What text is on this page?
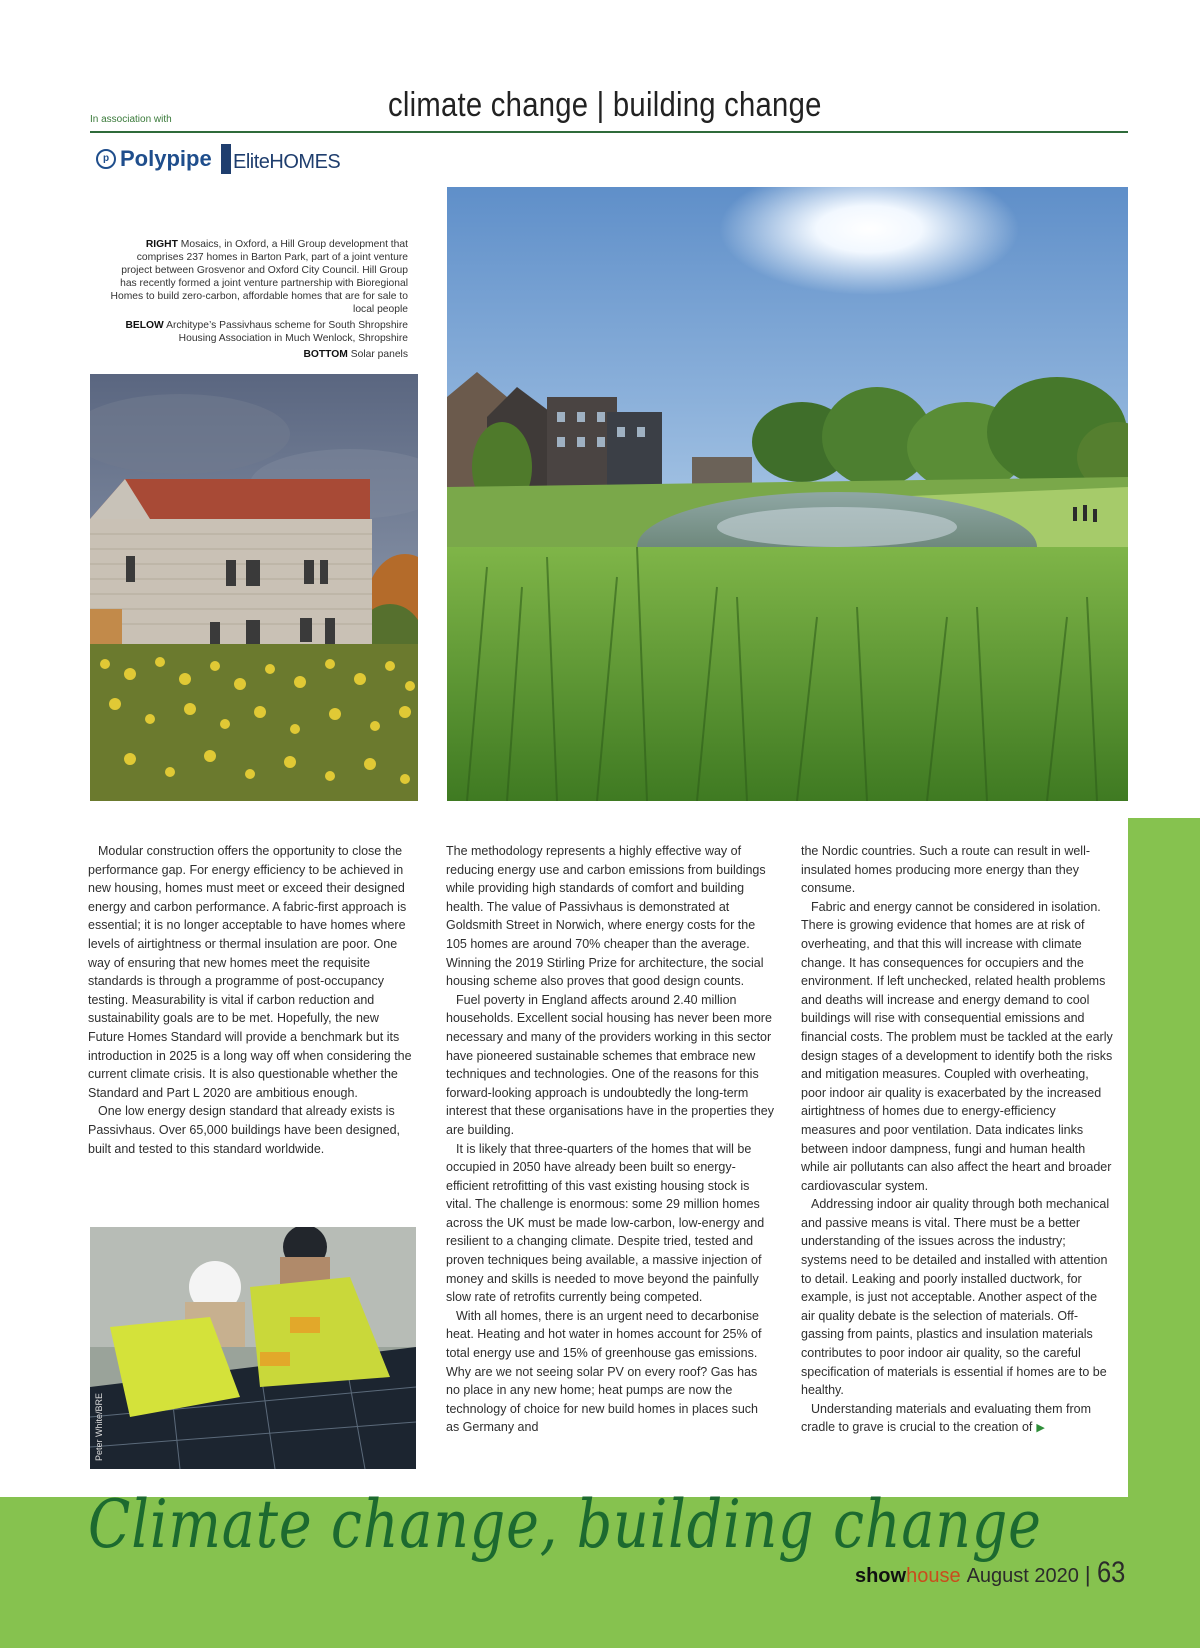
In association with	climate change | building change
p Polypipe EliteHOMES

RIGHT Mosaics, in Oxford, a Hill Group development that comprises 237 homes in Barton Park, part of a joint venture project between Grosvenor and Oxford City Council. Hill Group has recently formed a joint venture partnership with Bioregional Homes to build zero-carbon, affordable homes that are for sale to local people

BELOW Architype’s Passivhaus scheme for South Shropshire Housing Association in Much Wenlock, Shropshire

BOTTOM Solar panels

Peter White/BRE

Modular construction offers the opportunity to close the performance gap. For energy efficiency to be achieved in new housing, homes must meet or exceed their designed energy and carbon performance. A fabric-first approach is essential; it is no longer acceptable to have homes where levels of airtightness or thermal insulation are poor. One way of ensuring that new homes meet the requisite standards is through a programme of post-occupancy testing. Measurability is vital if carbon reduction and sustainability goals are to be met. Hopefully, the new Future Homes Standard will provide a benchmark but its introduction in 2025 is a long way off when considering the current climate crisis. It is also questionable whether the Standard and Part L 2020 are ambitious enough.

One low energy design standard that already exists is Passivhaus. Over 65,000 buildings have been designed, built and tested to this standard worldwide.

The methodology represents a highly effective way of reducing energy use and carbon emissions from buildings while providing high standards of comfort and building health. The value of Passivhaus is demonstrated at Goldsmith Street in Norwich, where energy costs for the 105 homes are around 70% cheaper than the average. Winning the 2019 Stirling Prize for architecture, the social housing scheme also proves that good design counts.

Fuel poverty in England affects around 2.40 million households. Excellent social housing has never been more necessary and many of the providers working in this sector have pioneered sustainable schemes that embrace new techniques and technologies. One of the reasons for this forward-looking approach is undoubtedly the long-term interest that these organisations have in the properties they are building.

It is likely that three-quarters of the homes that will be occupied in 2050 have already been built so energy-efficient retrofitting of this vast existing housing stock is vital. The challenge is enormous: some 29 million homes across the UK must be made low-carbon, low-energy and resilient to a changing climate. Despite tried, tested and proven techniques being available, a massive injection of money and skills is needed to move beyond the painfully slow rate of retrofits currently being competed.

With all homes, there is an urgent need to decarbonise heat. Heating and hot water in homes account for 25% of total energy use and 15% of greenhouse gas emissions. Why are we not seeing solar PV on every roof? Gas has no place in any new home; heat pumps are now the technology of choice for new build homes in places such as Germany and

the Nordic countries. Such a route can result in well-insulated homes producing more energy than they consume.

Fabric and energy cannot be considered in isolation. There is growing evidence that homes are at risk of overheating, and that this will increase with climate change. It has consequences for occupiers and the environment. If left unchecked, related health problems and deaths will increase and energy demand to cool buildings will rise with consequential emissions and financial costs. The problem must be tackled at the early design stages of a development to identify both the risks and mitigation measures. Coupled with overheating, poor indoor air quality is exacerbated by the increased airtightness of homes due to energy-efficiency measures and poor ventilation. Data indicates links between indoor dampness, fungi and human health while air pollutants can also affect the heart and broader cardiovascular system.

Addressing indoor air quality through both mechanical and passive means is vital. There must be a better understanding of the issues across the industry; systems need to be detailed and installed with attention to detail. Leaking and poorly installed ductwork, for example, is just not acceptable. Another aspect of the air quality debate is the selection of materials. Off-gassing from paints, plastics and insulation materials contributes to poor indoor air quality, so the careful specification of materials is essential if homes are to be healthy.

Understanding materials and evaluating them from cradle to grave is crucial to the creation of ▶

Climate change, building change
show house August 2020 | 63
